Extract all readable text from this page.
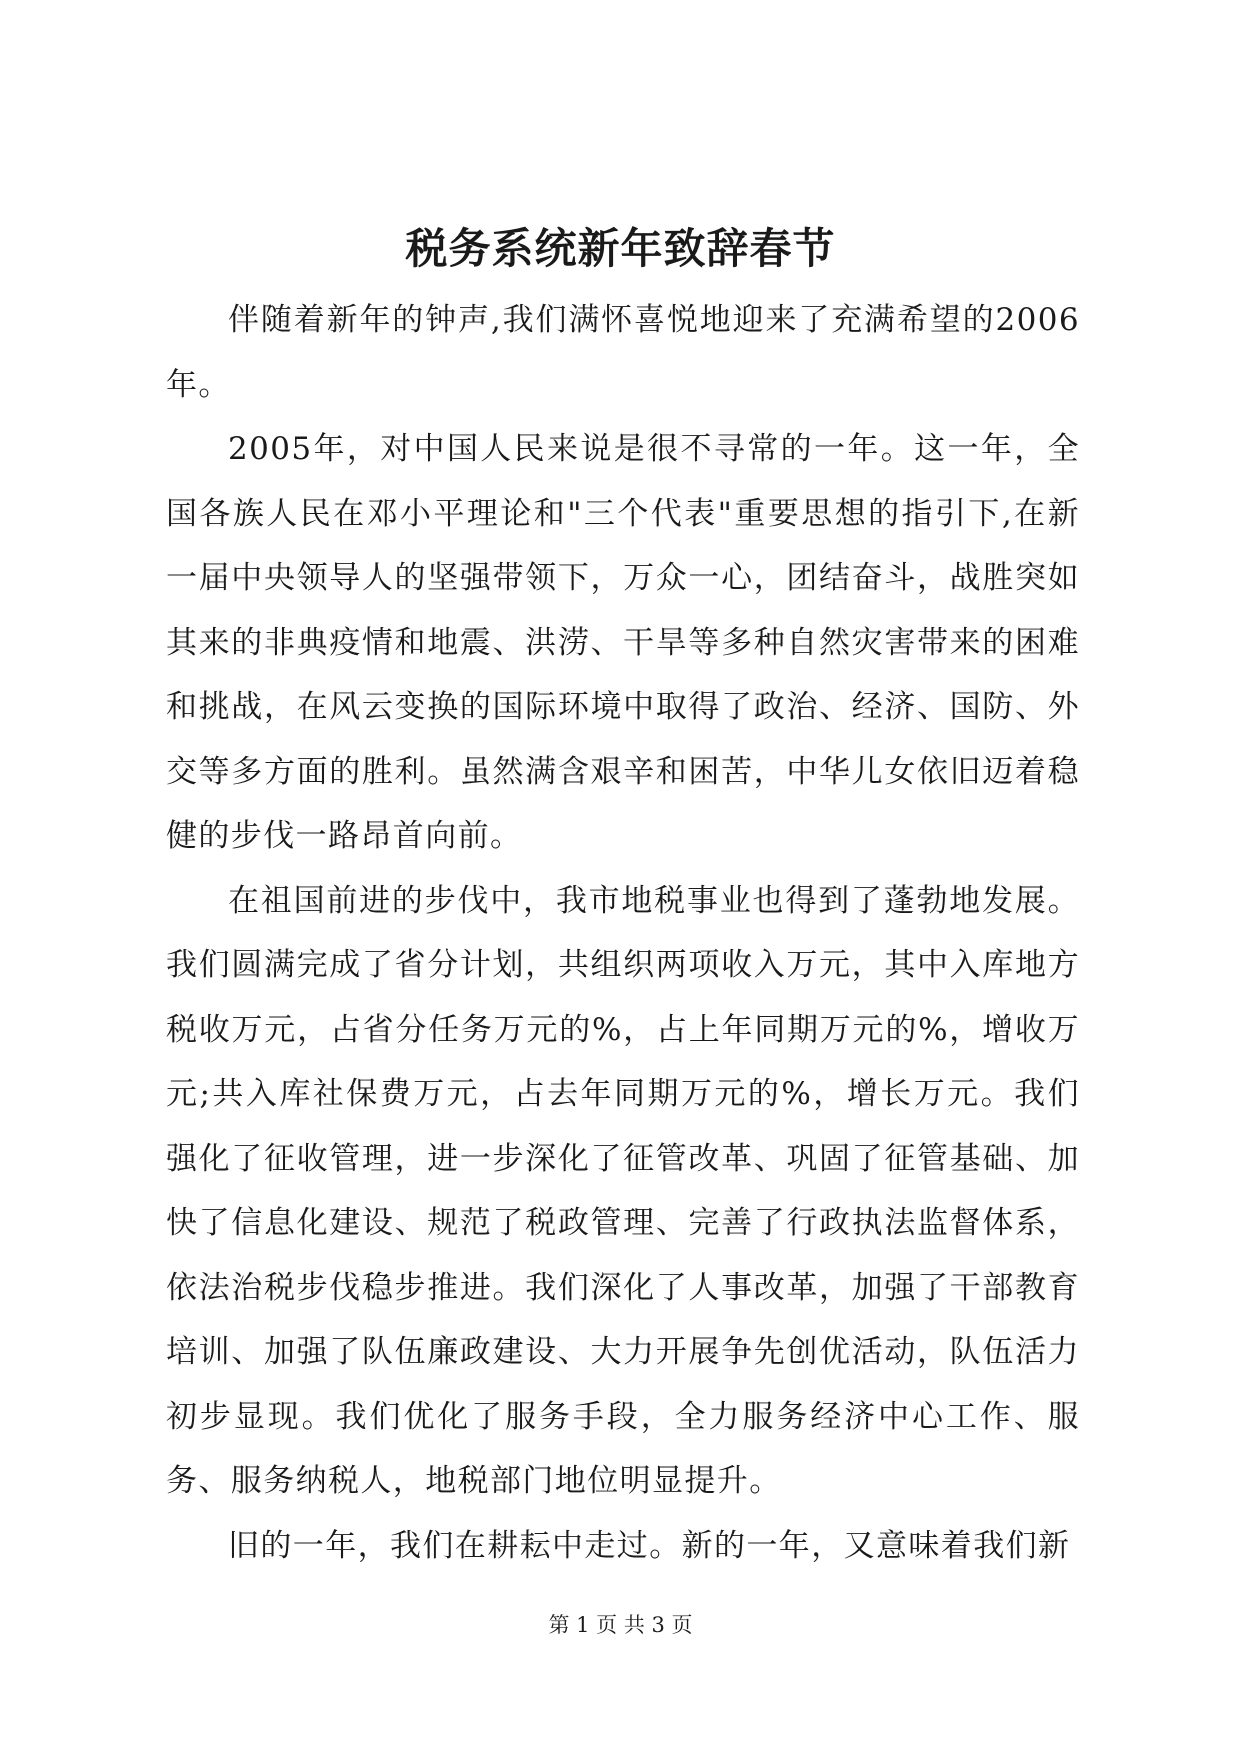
税务系统新年致辞春节

伴随着新年的钟声,我们满怀喜悦地迎来了充满希望的2006年。

2005年，对中国人民来说是很不寻常的一年。这一年，全国各族人民在邓小平理论和"三个代表"重要思想的指引下,在新一届中央领导人的坚强带领下，万众一心，团结奋斗，战胜突如其来的非典疫情和地震、洪涝、干旱等多种自然灾害带来的困难和挑战，在风云变换的国际环境中取得了政治、经济、国防、外交等多方面的胜利。虽然满含艰辛和困苦，中华儿女依旧迈着稳健的步伐一路昂首向前。

在祖国前进的步伐中，我市地税事业也得到了蓬勃地发展。我们圆满完成了省分计划，共组织两项收入万元，其中入库地方税收万元，占省分任务万元的%，占上年同期万元的%，增收万元;共入库社保费万元，占去年同期万元的%，增长万元。我们强化了征收管理，进一步深化了征管改革、巩固了征管基础、加快了信息化建设、规范了税政管理、完善了行政执法监督体系，依法治税步伐稳步推进。我们深化了人事改革，加强了干部教育培训、加强了队伍廉政建设、大力开展争先创优活动，队伍活力初步显现。我们优化了服务手段，全力服务经济中心工作、服务、服务纳税人，地税部门地位明显提升。

旧的一年，我们在耕耘中走过。新的一年，又意味着我们新

第 1 页 共 3 页
